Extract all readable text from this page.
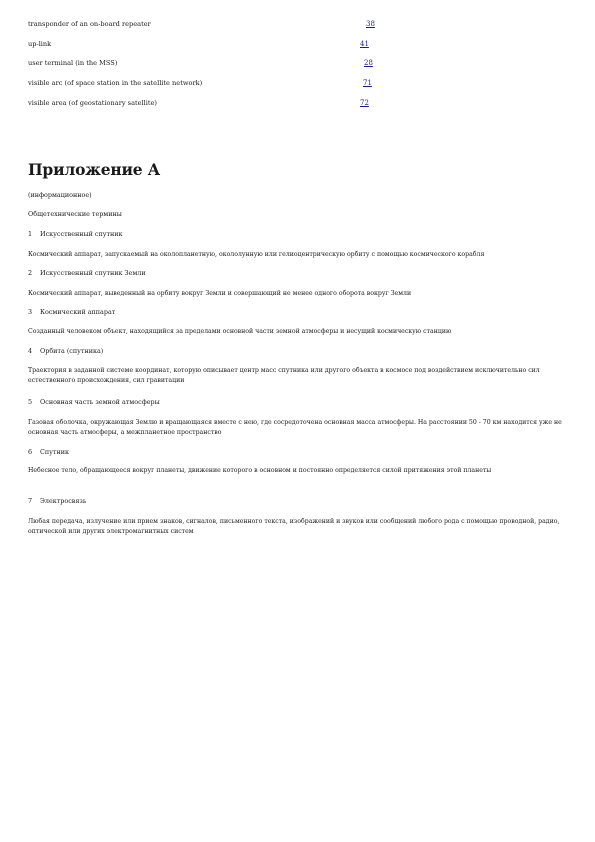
transponder of an on-board repeater	38
up-link	41
user terminal (in the MSS)	28
visible arc (of space station in the satellite network)	71
visible area (of geostationary satellite)	72
Приложение А
(информационное)
Общетехнические термины
1 Искусственный спутник
Космический аппарат, запускаемый на околопланетную, окололунную или гелиоцентрическую орбиту с помощью космического корабля
2 Искусственный спутник Земли
Космический аппарат, выведенный на орбиту вокруг Земли и совершающий не менее одного оборота вокруг Земли
3 Космический аппарат
Созданный человеком объект, находящийся за пределами основной части земной атмосферы и несущий космическую станцию
4 Орбита (спутника)
Траектория в заданной системе координат, которую описывает центр масс спутника или другого объекта в космосе под воздействием исключительно сил естественного происхождения, сил гравитации
5 Основная часть земной атмосферы
Газовая оболочка, окружающая Землю и вращающаяся вместе с нею, где сосредоточена основная масса атмосферы. На расстоянии 50 - 70 км находится уже не основная часть атмосферы, а межпланетное пространство
6 Спутник
Небесное тело, обращающееся вокруг планеты, движение которого в основном и постоянно определяется силой притяжения этой планеты
7 Электросвязь
Любая передача, излучение или прием знаков, сигналов, письменного текста, изображений и звуков или сообщений любого рода с помощью проводной, радио, оптической или других электромагнитных систем
